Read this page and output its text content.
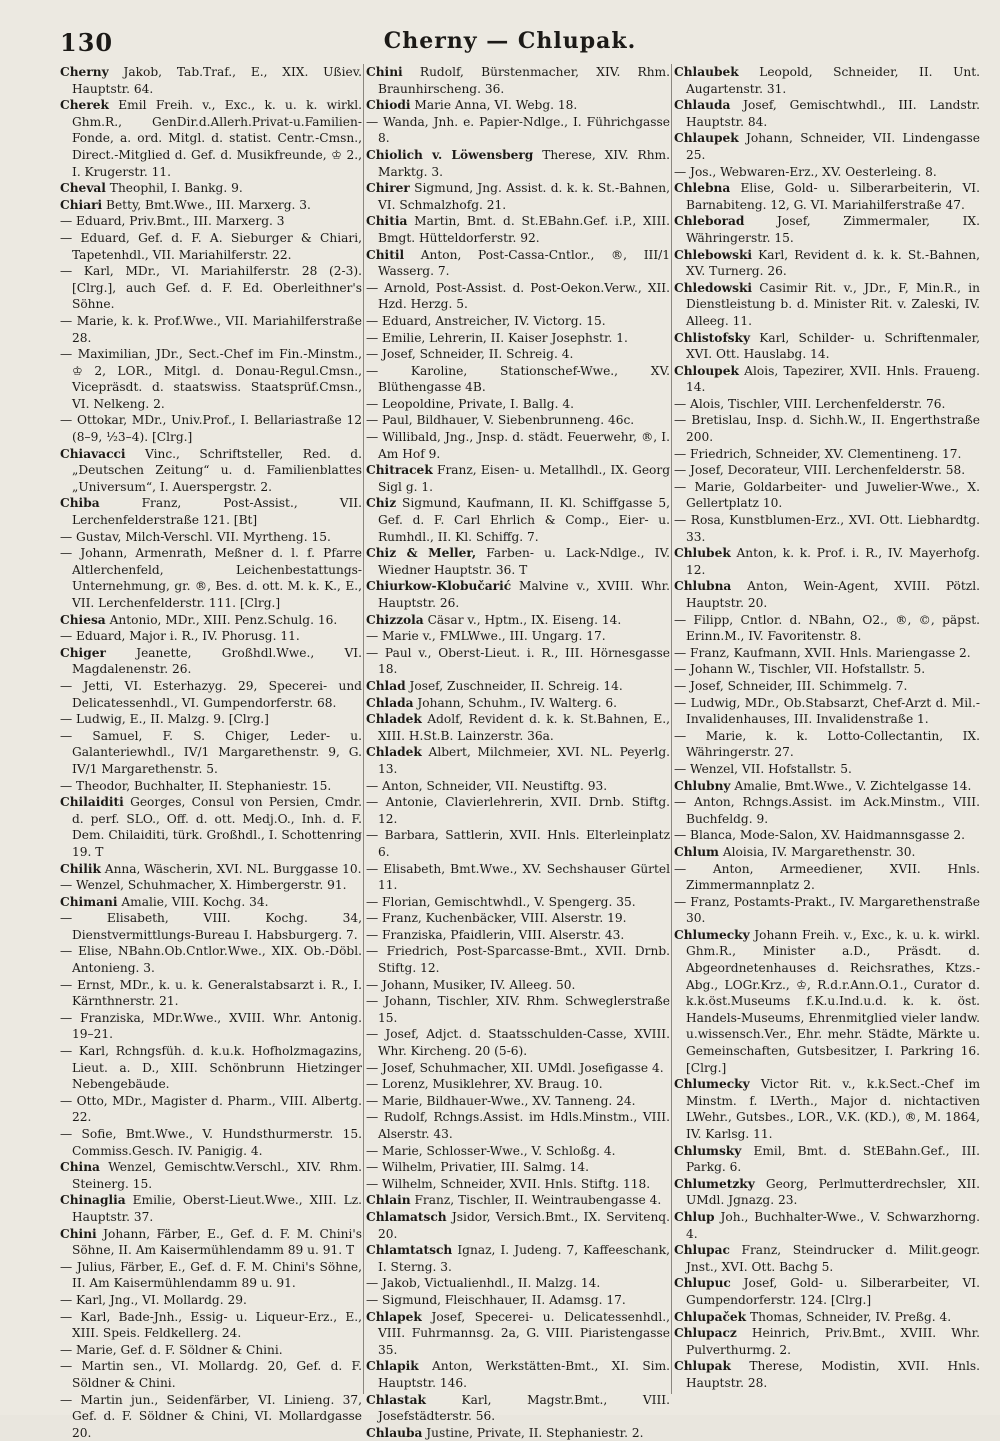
130	Cherny — Chlupak.
Cherny Jakob, Tab.Traf., E., XIX. Ußiev. Hauptstr. 64.
Cherek Emil Freih. v., Exc., k. u. k. wirkl. Ghm.R., GenDir.d.Allerh.Privat-u.Familien-Fonde, a. ord. Mitgl. d. statist. Centr.-Cmsn., Direct.-Mitglied d. Gef. d. Musikfreunde, ♔ 2., I. Krugerstr. 11.
Cheval Theophil, I. Bankg. 9.
Chiari Betty, Bmt.Wwe., III. Marxerg. 3.
— Eduard, Priv.Bmt., III. Marxerg. 3
— Eduard, Gef. d. F. A. Sieburger & Chiari, Tapetenhdl., VII. Mariahilferstr. 22.
— Karl, MDr., VI. Mariahilferstr. 28 (2-3). [Clrg.], auch Gef. d. F. Ed. Oberleithner's Söhne.
— Marie, k. k. Prof.Wwe., VII. Mariahilferstraße 28.
— Maximilian, JDr., Sect.-Chef im Fin.-Minstm., ♔ 2, LOR., Mitgl. d. Donau-Regul.Cmsn., Vicepräsdt. d. staatswiss. Staatsprüf.Cmsn., VI. Nelkeng. 2.
— Ottokar, MDr., Univ.Prof., I. Bellariastraße 12 (8–9, ½3–4). [Clrg.]
Chiavacci Vinc., Schriftsteller, Red. d. „Deutschen Zeitung“ u. d. Familienblattes „Universum“, I. Auerspergstr. 2.
Chiba Franz, Post-Assist., VII. Lerchenfelderstraße 121. [Bt]
— Gustav, Milch-Verschl. VII. Myrtheng. 15.
— Johann, Armenrath, Meßner d. l. f. Pfarre Altlerchenfeld, Leichenbestattungs-Unternehmung, gr. ®, Bes. d. ott. M. k. K., E., VII. Lerchenfelderstr. 111. [Clrg.]
Chiesa Antonio, MDr., XIII. Penz.Schulg. 16.
— Eduard, Major i. R., IV. Phorusg. 11.
Chiger Jeanette, Großhdl.Wwe., VI. Magdalenenstr. 26.
— Jetti, VI. Esterhazyg. 29, Specerei- und Delicatessenhdl., VI. Gumpendorferstr. 68.
— Ludwig, E., II. Malzg. 9. [Clrg.]
— Samuel, F. S. Chiger, Leder- u. Galanteriewhdl., IV/1 Margarethenstr. 9, G. IV/1 Margarethenstr. 5.
— Theodor, Buchhalter, II. Stephaniestr. 15.
Chilaiditi Georges, Consul von Persien, Cmdr. d. perf. SLO., Off. d. ott. Medj.O., Inh. d. F. Dem. Chilaiditi, türk. Großhdl., I. Schottenring 19. T
Chilik Anna, Wäscherin, XVI. NL. Burggasse 10.
— Wenzel, Schuhmacher, X. Himbergerstr. 91.
Chimani Amalie, VIII. Kochg. 34.
— Elisabeth, VIII. Kochg. 34, Dienstvermittlungs-Bureau I. Habsburgerg. 7.
— Elise, NBahn.Ob.Cntlor.Wwe., XIX. Ob.-Döbl. Antonieng. 3.
— Ernst, MDr., k. u. k. Generalstabsarzt i. R., I. Kärnthnerstr. 21.
— Franziska, MDr.Wwe., XVIII. Whr. Antonig. 19–21.
— Karl, Rchngsfüh. d. k.u.k. Hofholzmagazins, Lieut. a. D., XIII. Schönbrunn Hietzinger Nebengebäude.
— Otto, MDr., Magister d. Pharm., VIII. Albertg. 22.
— Sofie, Bmt.Wwe., V. Hundsthurmerstr. 15. Commiss.Gesch. IV. Panigig. 4.
China Wenzel, Gemischtw.Verschl., XIV. Rhm. Steinerg. 15.
Chinaglia Emilie, Oberst-Lieut.Wwe., XIII. Lz. Hauptstr. 37.
Chini Johann, Färber, E., Gef. d. F. M. Chini's Söhne, II. Am Kaisermühlendamm 89 u. 91. T
— Julius, Färber, E., Gef. d. F. M. Chini's Söhne, II. Am Kaisermühlendamm 89 u. 91.
— Karl, Jng., VI. Mollardg. 29.
— Karl, Bade-Jnh., Essig- u. Liqueur-Erz., E., XIII. Speis. Feldkellerg. 24.
— Marie, Gef. d. F. Söldner & Chini.
— Martin sen., VI. Mollardg. 20, Gef. d. F. Söldner & Chini.
— Martin jun., Seidenfärber, VI. Linieng. 37, Gef. d. F. Söldner & Chini, VI. Mollardgasse 20.
Chini Rudolf, Bürstenmacher, XIV. Rhm. Braunhirscheng. 36.
Chiodi Marie Anna, VI. Webg. 18.
— Wanda, Jnh. e. Papier-Ndlge., I. Führichgasse 8.
Chiolich v. Löwensberg Therese, XIV. Rhm. Marktg. 3.
Chirer Sigmund, Jng. Assist. d. k. k. St.-Bahnen, VI. Schmalzhofg. 21.
Chitia Martin, Bmt. d. St.EBahn.Gef. i.P., XIII. Bmgt. Hütteldorferstr. 92.
Chitil Anton, Post-Cassa-Cntlor., ®, III/1 Wasserg. 7.
— Arnold, Post-Assist. d. Post-Oekon.Verw., XII. Hzd. Herzg. 5.
— Eduard, Anstreicher, IV. Victorg. 15.
— Emilie, Lehrerin, II. Kaiser Josephstr. 1.
— Josef, Schneider, II. Schreig. 4.
— Karoline, Stationschef-Wwe., XV. Blüthengasse 4B.
— Leopoldine, Private, I. Ballg. 4.
— Paul, Bildhauer, V. Siebenbrunneng. 46c.
— Willibald, Jng., Jnsp. d. städt. Feuerwehr, ®, I. Am Hof 9.
Chitracek Franz, Eisen- u. Metallhdl., IX. Georg Sigl g. 1.
Chiz Sigmund, Kaufmann, II. Kl. Schiffgasse 5, Gef. d. F. Carl Ehrlich & Comp., Eier- u. Rumhdl., II. Kl. Schiffg. 7.
Chiz & Meller, Farben- u. Lack-Ndlge., IV. Wiedner Hauptstr. 36. T
Chiurkow-Klobučarić Malvine v., XVIII. Whr. Hauptstr. 26.
Chizzola Cäsar v., Hptm., IX. Eiseng. 14.
— Marie v., FMLWwe., III. Ungarg. 17.
— Paul v., Oberst-Lieut. i. R., III. Hörnesgasse 18.
Chlad Josef, Zuschneider, II. Schreig. 14.
Chlada Johann, Schuhm., IV. Walterg. 6.
Chladek Adolf, Revident d. k. k. St.Bahnen, E., XIII. H.St.B. Lainzerstr. 36a.
Chladek Albert, Milchmeier, XVI. NL. Peyerlg. 13.
— Anton, Schneider, VII. Neustiftg. 93.
— Antonie, Clavierlehrerin, XVII. Drnb. Stiftg. 12.
— Barbara, Sattlerin, XVII. Hnls. Elterleinplatz 6.
— Elisabeth, Bmt.Wwe., XV. Sechshauser Gürtel 11.
— Florian, Gemischtwhdl., V. Spengerg. 35.
— Franz, Kuchenbäcker, VIII. Alserstr. 19.
— Franziska, Pfaidlerin, VIII. Alserstr. 43.
— Friedrich, Post-Sparcasse-Bmt., XVII. Drnb. Stiftg. 12.
— Johann, Musiker, IV. Alleeg. 50.
— Johann, Tischler, XIV. Rhm. Schweglerstraße 15.
— Josef, Adjct. d. Staatsschulden-Casse, XVIII. Whr. Kircheng. 20 (5-6).
— Josef, Schuhmacher, XII. UMdl. Josefigasse 4.
— Lorenz, Musiklehrer, XV. Braug. 10.
— Marie, Bildhauer-Wwe., XV. Tanneng. 24.
— Rudolf, Rchngs.Assist. im Hdls.Minstm., VIII. Alserstr. 43.
— Marie, Schlosser-Wwe., V. Schloßg. 4.
— Wilhelm, Privatier, III. Salmg. 14.
— Wilhelm, Schneider, XVII. Hnls. Stiftg. 118.
Chlain Franz, Tischler, II. Weintraubengasse 4.
Chlamatsch Jsidor, Versich.Bmt., IX. Servitenq. 20.
Chlamtatsch Ignaz, I. Judeng. 7, Kaffeeschank, I. Sterng. 3.
— Jakob, Victualienhdl., II. Malzg. 14.
— Sigmund, Fleischhauer, II. Adamsg. 17.
Chlapek Josef, Specerei- u. Delicatessenhdl., VIII. Fuhrmannsg. 2a, G. VIII. Piaristengasse 35.
Chlapik Anton, Werkstätten-Bmt., XI. Sim. Hauptstr. 146.
Chlastak Karl, Magstr.Bmt., VIII. Josefstädterstr. 56.
Chlauba Justine, Private, II. Stephaniestr. 2.
Chlaubek Leopold, Schneider, II. Unt. Augartenstr. 31.
Chlauda Josef, Gemischtwhdl., III. Landstr. Hauptstr. 84.
Chlaupek Johann, Schneider, VII. Lindengasse 25.
— Jos., Webwaren-Erz., XV. Oesterleing. 8.
Chlebna Elise, Gold- u. Silberarbeiterin, VI. Barnabiteng. 12, G. VI. Mariahilferstraße 47.
Chleborad Josef, Zimmermaler, IX. Währingerstr. 15.
Chlebowski Karl, Revident d. k. k. St.-Bahnen, XV. Turnerg. 26.
Chledowski Casimir Rit. v., JDr., F, Min.R., in Dienstleistung b. d. Minister Rit. v. Zaleski, IV. Alleeg. 11.
Chlistofsky Karl, Schilder- u. Schriftenmaler, XVI. Ott. Hauslabg. 14.
Chloupek Alois, Tapezirer, XVII. Hnls. Fraueng. 14.
— Alois, Tischler, VIII. Lerchenfelderstr. 76.
— Bretislau, Insp. d. Sichh.W., II. Engerthstraße 200.
— Friedrich, Schneider, XV. Clementineng. 17.
— Josef, Decorateur, VIII. Lerchenfelderstr. 58.
— Marie, Goldarbeiter- und Juwelier-Wwe., X. Gellertplatz 10.
— Rosa, Kunstblumen-Erz., XVI. Ott. Liebhardtg. 33.
Chlubek Anton, k. k. Prof. i. R., IV. Mayerhofg. 12.
Chlubna Anton, Wein-Agent, XVIII. Pötzl. Hauptstr. 20.
— Filipp, Cntlor. d. NBahn, O2., ®, ©, päpst. Erinn.M., IV. Favoritenstr. 8.
— Franz, Kaufmann, XVII. Hnls. Mariengasse 2.
— Johann W., Tischler, VII. Hofstallstr. 5.
— Josef, Schneider, III. Schimmelg. 7.
— Ludwig, MDr., Ob.Stabsarzt, Chef-Arzt d. Mil.-Invalidenhauses, III. Invalidenstraße 1.
— Marie, k. k. Lotto-Collectantin, IX. Währingerstr. 27.
— Wenzel, VII. Hofstallstr. 5.
Chlubny Amalie, Bmt.Wwe., V. Zichtelgasse 14.
— Anton, Rchngs.Assist. im Ack.Minstm., VIII. Buchfeldg. 9.
— Blanca, Mode-Salon, XV. Haidmannsgasse 2.
Chlum Aloisia, IV. Margarethenstr. 30.
— Anton, Armeediener, XVII. Hnls. Zimmermannplatz 2.
— Franz, Postamts-Prakt., IV. Margarethenstraße 30.
Chlumecky Johann Freih. v., Exc., k. u. k. wirkl. Ghm.R., Minister a.D., Präsdt. d. Abgeordnetenhauses d. Reichsrathes, Ktzs.-Abg., LOGr.Krz., ♔, R.d.r.Ann.O.1., Curator d. k.k.öst.Museums f.K.u.Ind.u.d. k. k. öst. Handels-Museums, Ehrenmitglied vieler landw. u.wissensch.Ver., Ehr. mehr. Städte, Märkte u. Gemeinschaften, Gutsbesitzer, I. Parkring 16. [Clrg.]
Chlumecky Victor Rit. v., k.k.Sect.-Chef im Minstm. f. LVerth., Major d. nichtactiven LWehr., Gutsbes., LOR., V.K. (KD.), ®, M. 1864, IV. Karlsg. 11.
Chlumsky Emil, Bmt. d. StEBahn.Gef., III. Parkg. 6.
Chlumetzky Georg, Perlmutterdrechsler, XII. UMdl. Jgnazg. 23.
Chlup Joh., Buchhalter-Wwe., V. Schwarzhorng. 4.
Chlupac Franz, Steindrucker d. Milit.geogr. Jnst., XVI. Ott. Bachg 5.
Chlupuc Josef, Gold- u. Silberarbeiter, VI. Gumpendorferstr. 124. [Clrg.]
Chlupaček Thomas, Schneider, IV. Preßg. 4.
Chlupacz Heinrich, Priv.Bmt., XVIII. Whr. Pulverthurmg. 2.
Chlupak Therese, Modistin, XVII. Hnls. Hauptstr. 28.
